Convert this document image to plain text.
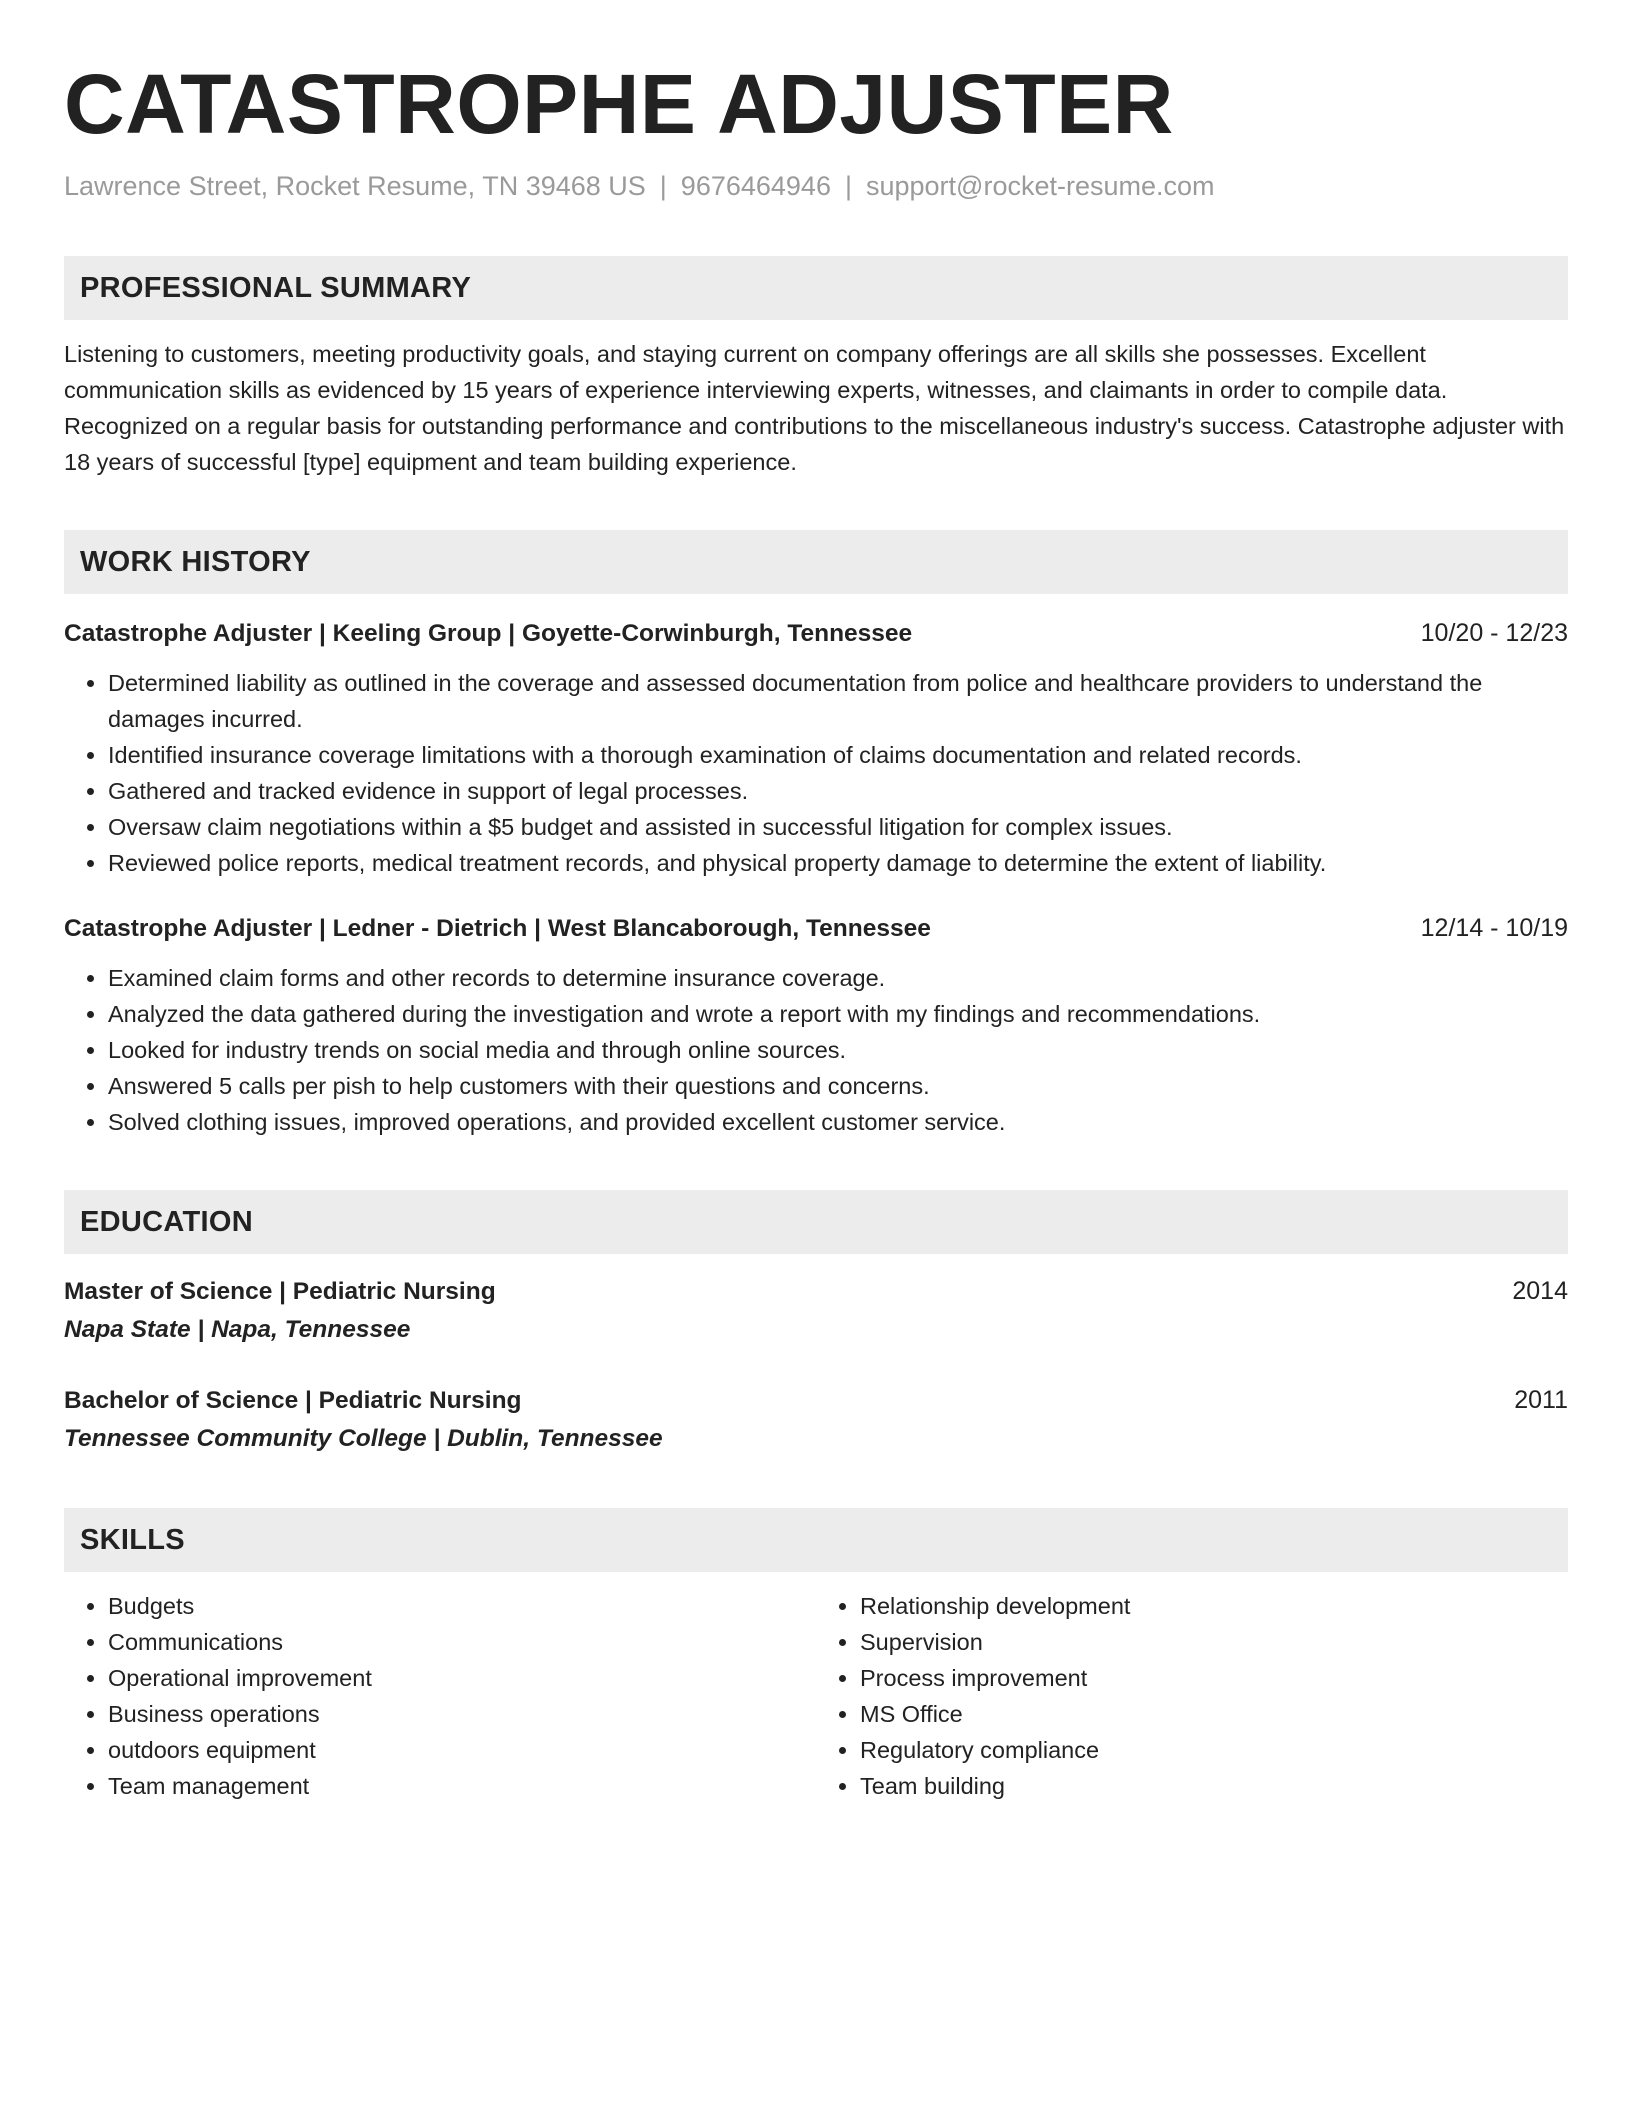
CATASTROPHE ADJUSTER
Lawrence Street, Rocket Resume, TN 39468 US | 9676464946 | support@rocket-resume.com
PROFESSIONAL SUMMARY
Listening to customers, meeting productivity goals, and staying current on company offerings are all skills she possesses. Excellent communication skills as evidenced by 15 years of experience interviewing experts, witnesses, and claimants in order to compile data. Recognized on a regular basis for outstanding performance and contributions to the miscellaneous industry's success. Catastrophe adjuster with 18 years of successful [type] equipment and team building experience.
WORK HISTORY
Catastrophe Adjuster | Keeling Group | Goyette-Corwinburgh, Tennessee	10/20 - 12/23
• Determined liability as outlined in the coverage and assessed documentation from police and healthcare providers to understand the damages incurred.
• Identified insurance coverage limitations with a thorough examination of claims documentation and related records.
• Gathered and tracked evidence in support of legal processes.
• Oversaw claim negotiations within a $5 budget and assisted in successful litigation for complex issues.
• Reviewed police reports, medical treatment records, and physical property damage to determine the extent of liability.
Catastrophe Adjuster | Ledner - Dietrich | West Blancaborough, Tennessee	12/14 - 10/19
• Examined claim forms and other records to determine insurance coverage.
• Analyzed the data gathered during the investigation and wrote a report with my findings and recommendations.
• Looked for industry trends on social media and through online sources.
• Answered 5 calls per pish to help customers with their questions and concerns.
• Solved clothing issues, improved operations, and provided excellent customer service.
EDUCATION
Master of Science | Pediatric Nursing	2014
Napa State | Napa, Tennessee
Bachelor of Science | Pediatric Nursing	2011
Tennessee Community College | Dublin, Tennessee
SKILLS
• Budgets
• Communications
• Operational improvement
• Business operations
• outdoors equipment
• Team management
• Relationship development
• Supervision
• Process improvement
• MS Office
• Regulatory compliance
• Team building
